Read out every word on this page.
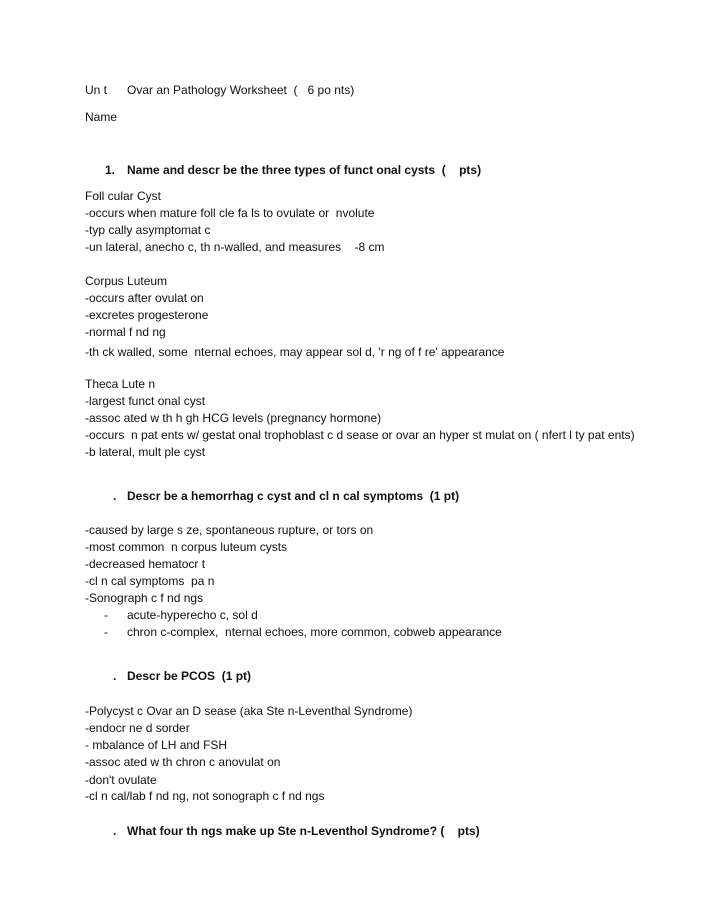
Un t      Ovar an Pathology Worksheet  (   6 po nts)
Name
1. Name and descr be the three types of funct onal cysts  (    pts)
Foll cular Cyst
-occurs when mature foll cle fa ls to ovulate or  nvolute
-typ cally asymptomat c
-un lateral, anecho c, th n-walled, and measures    -8 cm
Corpus Luteum
-occurs after ovulat on
-excretes progesterone
-normal f nd ng
-th ck walled, some  nternal echoes, may appear sol d, 'r ng of f re' appearance
Theca Lute n
-largest funct onal cyst
-assoc ated w th h gh HCG levels (pregnancy hormone)
-occurs  n pat ents w/ gestat onal trophoblast c d sease or ovar an hyper st mulat on ( nfert l ty pat ents)
-b lateral, mult ple cyst
. Descr be a hemorrhag c cyst and cl n cal symptoms  (1 pt)
-caused by large s ze, spontaneous rupture, or tors on
-most common  n corpus luteum cysts
-decreased hematocr t
-cl n cal symptoms  pa n
-Sonograph c f nd ngs
- acute-hyperecho c, sol d
- chron c-complex,  nternal echoes, more common, cobweb appearance
. Descr be PCOS  (1 pt)
-Polycyst c Ovar an D sease (aka Ste n-Leventhal Syndrome)
-endocr ne d sorder
- mbalance of LH and FSH
-assoc ated w th chron c anovulat on
-don't ovulate
-cl n cal/lab f nd ng, not sonograph c f nd ngs
. What four th ngs make up Ste n-Leventhol Syndrome? (    pts)
